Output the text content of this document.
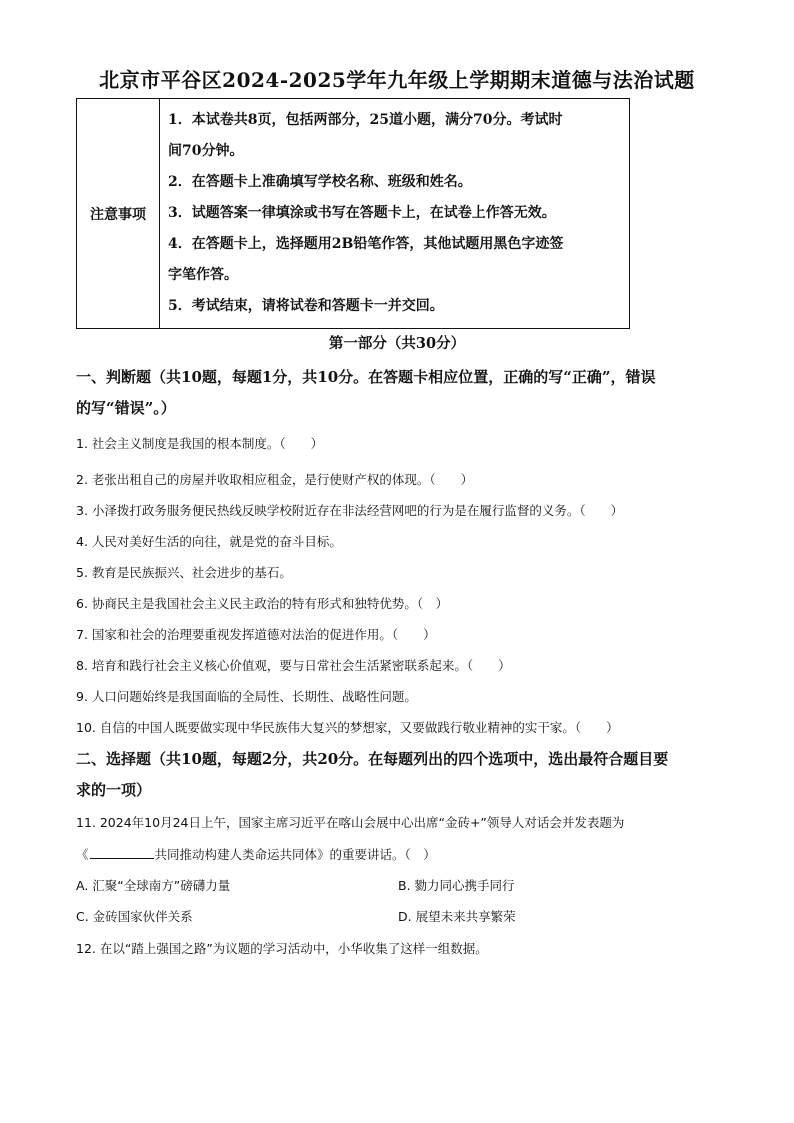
北京市平谷区2024-2025学年九年级上学期期末道德与法治试题
注意事项	
1．本试卷共8页，包括两部分，25道小题，满分70分。考试时
间70分钟。
2．在答题卡上准确填写学校名称、班级和姓名。
3．试题答案一律填涂或书写在答题卡上，在试卷上作答无效。
4．在答题卡上，选择题用2B铅笔作答，其他试题用黑色字迹签
字笔作答。
5．考试结束，请将试卷和答题卡一并交回。
第一部分（共30分）
一、判断题（共10题，每题1分，共10分。在答题卡相应位置，正确的写“正确”，错误
的写“错误”。）
1. 社会主义制度是我国的根本制度。（　　）
2. 老张出租自己的房屋并收取相应租金，是行使财产权的体现。（　　）
3. 小泽拨打政务服务便民热线反映学校附近存在非法经营网吧的行为是在履行监督的义务。（　　）
4. 人民对美好生活的向往，就是党的奋斗目标。
5. 教育是民族振兴、社会进步的基石。
6. 协商民主是我国社会主义民主政治的特有形式和独特优势。（　）
7. 国家和社会的治理要重视发挥道德对法治的促进作用。（　　）
8. 培育和践行社会主义核心价值观，要与日常社会生活紧密联系起来。（　　）
9. 人口问题始终是我国面临的全局性、长期性、战略性问题。
10. 自信的中国人既要做实现中华民族伟大复兴的梦想家，又要做践行敬业精神的实干家。（　　）
二、选择题（共10题，每题2分，共20分。在每题列出的四个选项中，选出最符合题目要
求的一项）
11. 2024年10月24日上午，国家主席习近平在喀山会展中心出席“金砖+”领导人对话会并发表题为
《	共同推动构建人类命运共同体》的重要讲话。（　）
A. 汇聚“全球南方”磅礴力量	B. 勠力同心携手同行
C. 金砖国家伙伴关系	D. 展望未来共享繁荣
12. 在以“踏上强国之路”为议题的学习活动中，小华收集了这样一组数据。
